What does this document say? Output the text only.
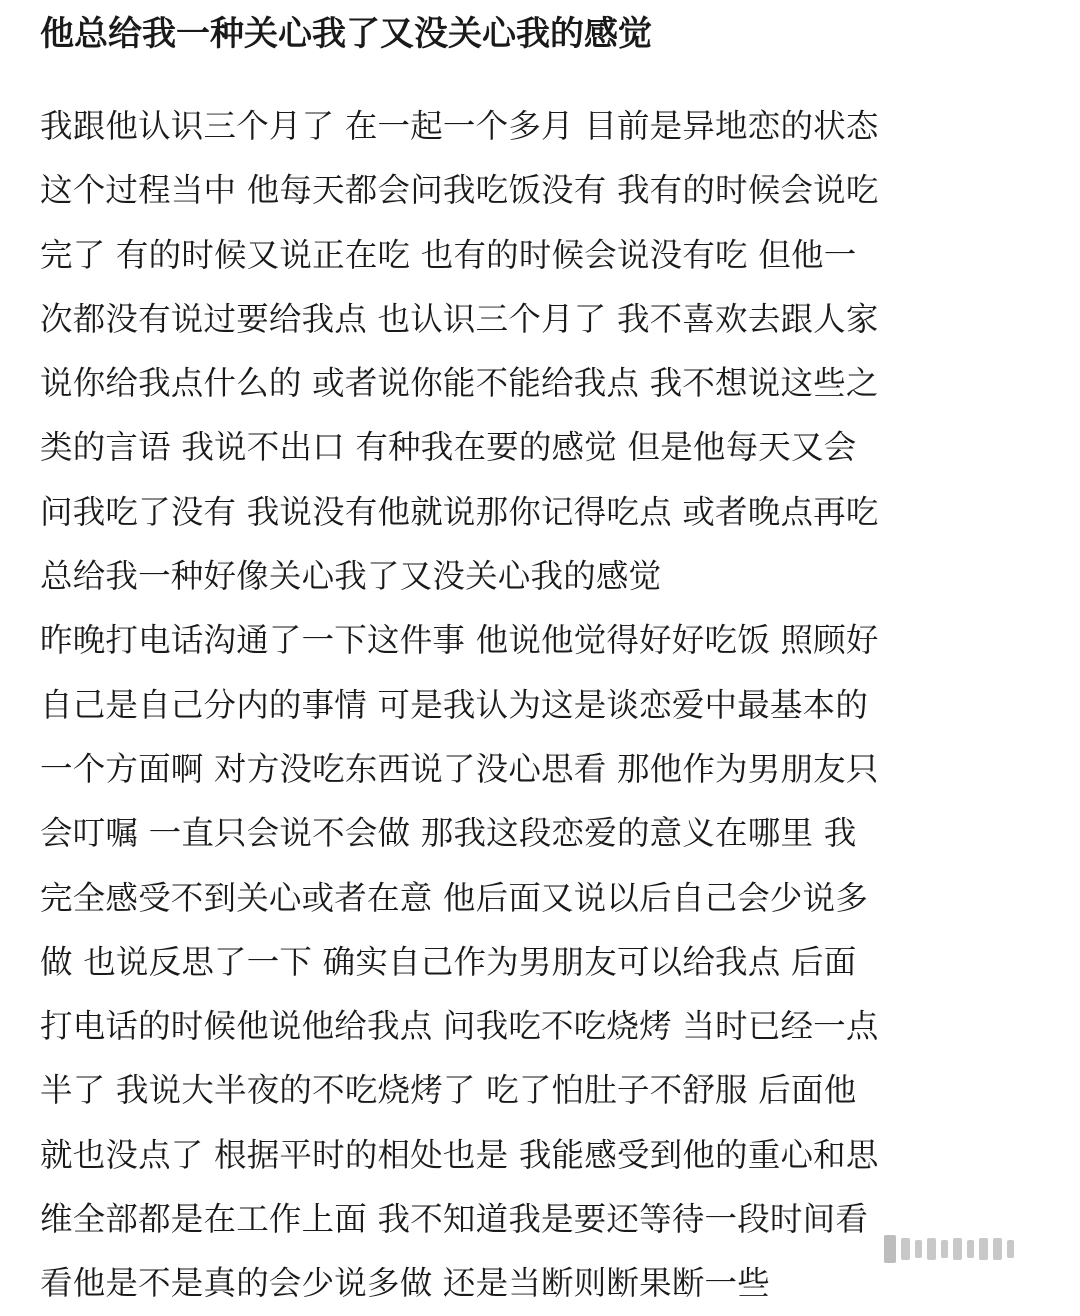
他总给我一种关心我了又没关心我的感觉
我跟他认识三个月了 在一起一个多月 目前是异地恋的状态
这个过程当中 他每天都会问我吃饭没有 我有的时候会说吃
完了 有的时候又说正在吃 也有的时候会说没有吃 但他一
次都没有说过要给我点 也认识三个月了 我不喜欢去跟人家
说你给我点什么的 或者说你能不能给我点 我不想说这些之
类的言语 我说不出口 有种我在要的感觉 但是他每天又会
问我吃了没有 我说没有他就说那你记得吃点 或者晚点再吃
总给我一种好像关心我了又没关心我的感觉
昨晚打电话沟通了一下这件事 他说他觉得好好吃饭 照顾好
自己是自己分内的事情 可是我认为这是谈恋爱中最基本的
一个方面啊 对方没吃东西说了没心思看 那他作为男朋友只
会叮嘱 一直只会说不会做 那我这段恋爱的意义在哪里 我
完全感受不到关心或者在意 他后面又说以后自己会少说多
做 也说反思了一下 确实自己作为男朋友可以给我点 后面
打电话的时候他说他给我点 问我吃不吃烧烤 当时已经一点
半了 我说大半夜的不吃烧烤了 吃了怕肚子不舒服 后面他
就也没点了 根据平时的相处也是 我能感受到他的重心和思
维全部都是在工作上面 我不知道我是要还等待一段时间看
看他是不是真的会少说多做 还是当断则断果断一些
